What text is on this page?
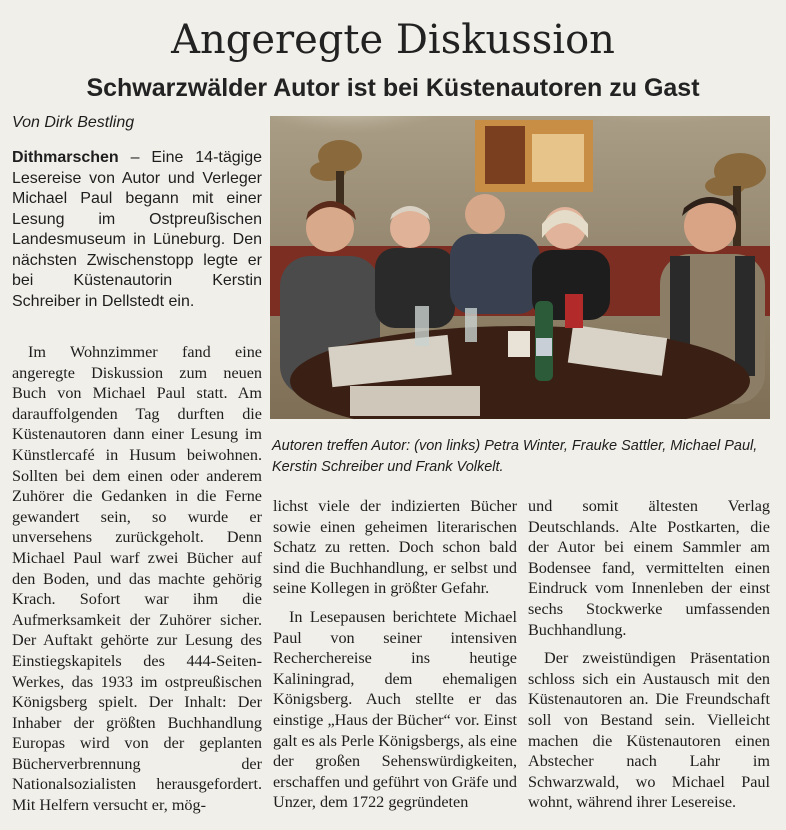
Angeregte Diskussion
Schwarzwälder Autor ist bei Küstenautoren zu Gast
Von Dirk Bestling

Dithmarschen – Eine 14-tägige Lesereise von Autor und Verleger Michael Paul begann mit einer Lesung im Ostpreußischen Landesmuseum in Lüneburg. Den nächsten Zwischenstopp legte er bei Küstenautorin Kerstin Schreiber in Dellstedt ein.

Im Wohnzimmer fand eine angeregte Diskussion zum neuen Buch von Michael Paul statt. Am darauffolgenden Tag durften die Küstenautoren dann einer Lesung im Künstlercafé in Husum beiwohnen. Sollten bei dem einen oder anderem Zuhörer die Gedanken in die Ferne gewandert sein, so wurde er unversehens zurückgeholt. Denn Michael Paul warf zwei Bücher auf den Boden, und das machte gehörig Krach. Sofort war ihm die Aufmerksamkeit der Zuhörer sicher. Der Auftakt gehörte zur Lesung des Einstiegskapitels des 444-Seiten-Werkes, das 1933 im ostpreußischen Königsberg spielt. Der Inhalt: Der Inhaber der größten Buchhandlung Europas wird von der geplanten Bücherverbrennung der Nationalsozialisten herausgefordert. Mit Helfern versucht er, mög-

Autoren treffen Autor: (von links) Petra Winter, Frauke Sattler, Michael Paul, Kerstin Schreiber und Frank Volkelt.

lichst viele der indizierten Bücher sowie einen geheimen literarischen Schatz zu retten. Doch schon bald sind die Buchhandlung, er selbst und seine Kollegen in größter Gefahr.

In Lesepausen berichtete Michael Paul von seiner intensiven Recherchereise ins heutige Kaliningrad, dem ehemaligen Königsberg. Auch stellte er das einstige „Haus der Bücher“ vor. Einst galt es als Perle Königsbergs, als eine der großen Sehenswürdigkeiten, erschaffen und geführt von Gräfe und Unzer, dem 1722 gegründeten

und somit ältesten Verlag Deutschlands. Alte Postkarten, die der Autor bei einem Sammler am Bodensee fand, vermittelten einen Eindruck vom Innenleben der einst sechs Stockwerke umfassenden Buchhandlung.

Der zweistündigen Präsentation schloss sich ein Austausch mit den Küstenautoren an. Die Freundschaft soll von Bestand sein. Vielleicht machen die Küstenautoren einen Abstecher nach Lahr im Schwarzwald, wo Michael Paul wohnt, während ihrer Lesereise.
